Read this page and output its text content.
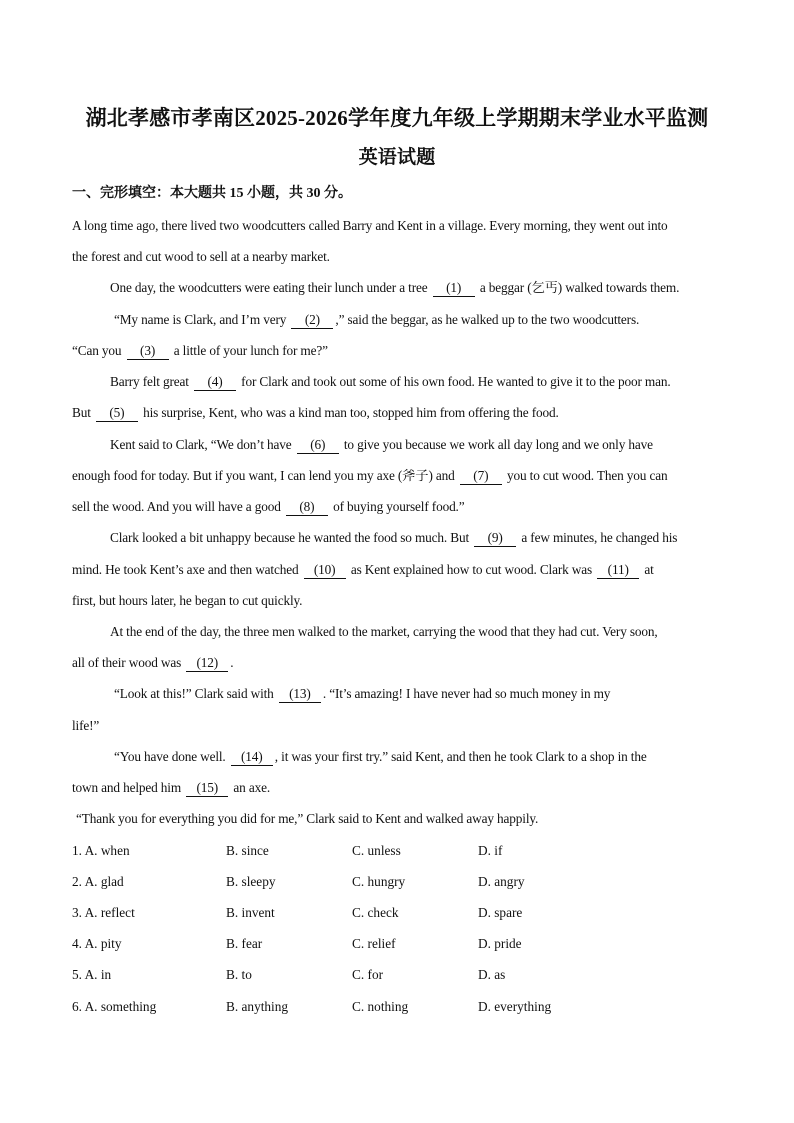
湖北孝感市孝南区2025-2026学年度九年级上学期期末学业水平监测
英语试题
一、完形填空：本大题共 15 小题，共 30 分。
A long time ago, there lived two woodcutters called Barry and Kent in a village. Every morning, they went out into
the forest and cut wood to sell at a nearby market.
One day, the woodcutters were eating their lunch under a tree (1) a beggar (乞丐) walked towards them.
“My name is Clark, and I’m very (2) ,” said the beggar, as he walked up to the two woodcutters.
“Can you (3) a little of your lunch for me?”
Barry felt great (4) for Clark and took out some of his own food. He wanted to give it to the poor man.
But (5) his surprise, Kent, who was a kind man too, stopped him from offering the food.
Kent said to Clark, “We don’t have (6) to give you because we work all day long and we only have
enough food for today. But if you want, I can lend you my axe (斧子) and (7) you to cut wood. Then you can
sell the wood. And you will have a good (8) of buying yourself food.”
Clark looked a bit unhappy because he wanted the food so much. But (9) a few minutes, he changed his
mind. He took Kent’s axe and then watched (10) as Kent explained how to cut wood. Clark was (11) at
first, but hours later, he began to cut quickly.
At the end of the day, the three men walked to the market, carrying the wood that they had cut. Very soon,
all of their wood was (12) .
“Look at this!” Clark said with (13) . “It’s amazing! I have never had so much money in my
life!”
“You have done well. (14) , it was your first try.” said Kent, and then he took Clark to a shop in the
town and helped him (15) an axe.
“Thank you for everything you did for me,” Clark said to Kent and walked away happily.
1. A. when	B. since	C. unless	D. if
2. A. glad	B. sleepy	C. hungry	D. angry
3. A. reflect	B. invent	C. check	D. spare
4. A. pity	B. fear	C. relief	D. pride
5. A. in	B. to	C. for	D. as
6. A. something	B. anything	C. nothing	D. everything
